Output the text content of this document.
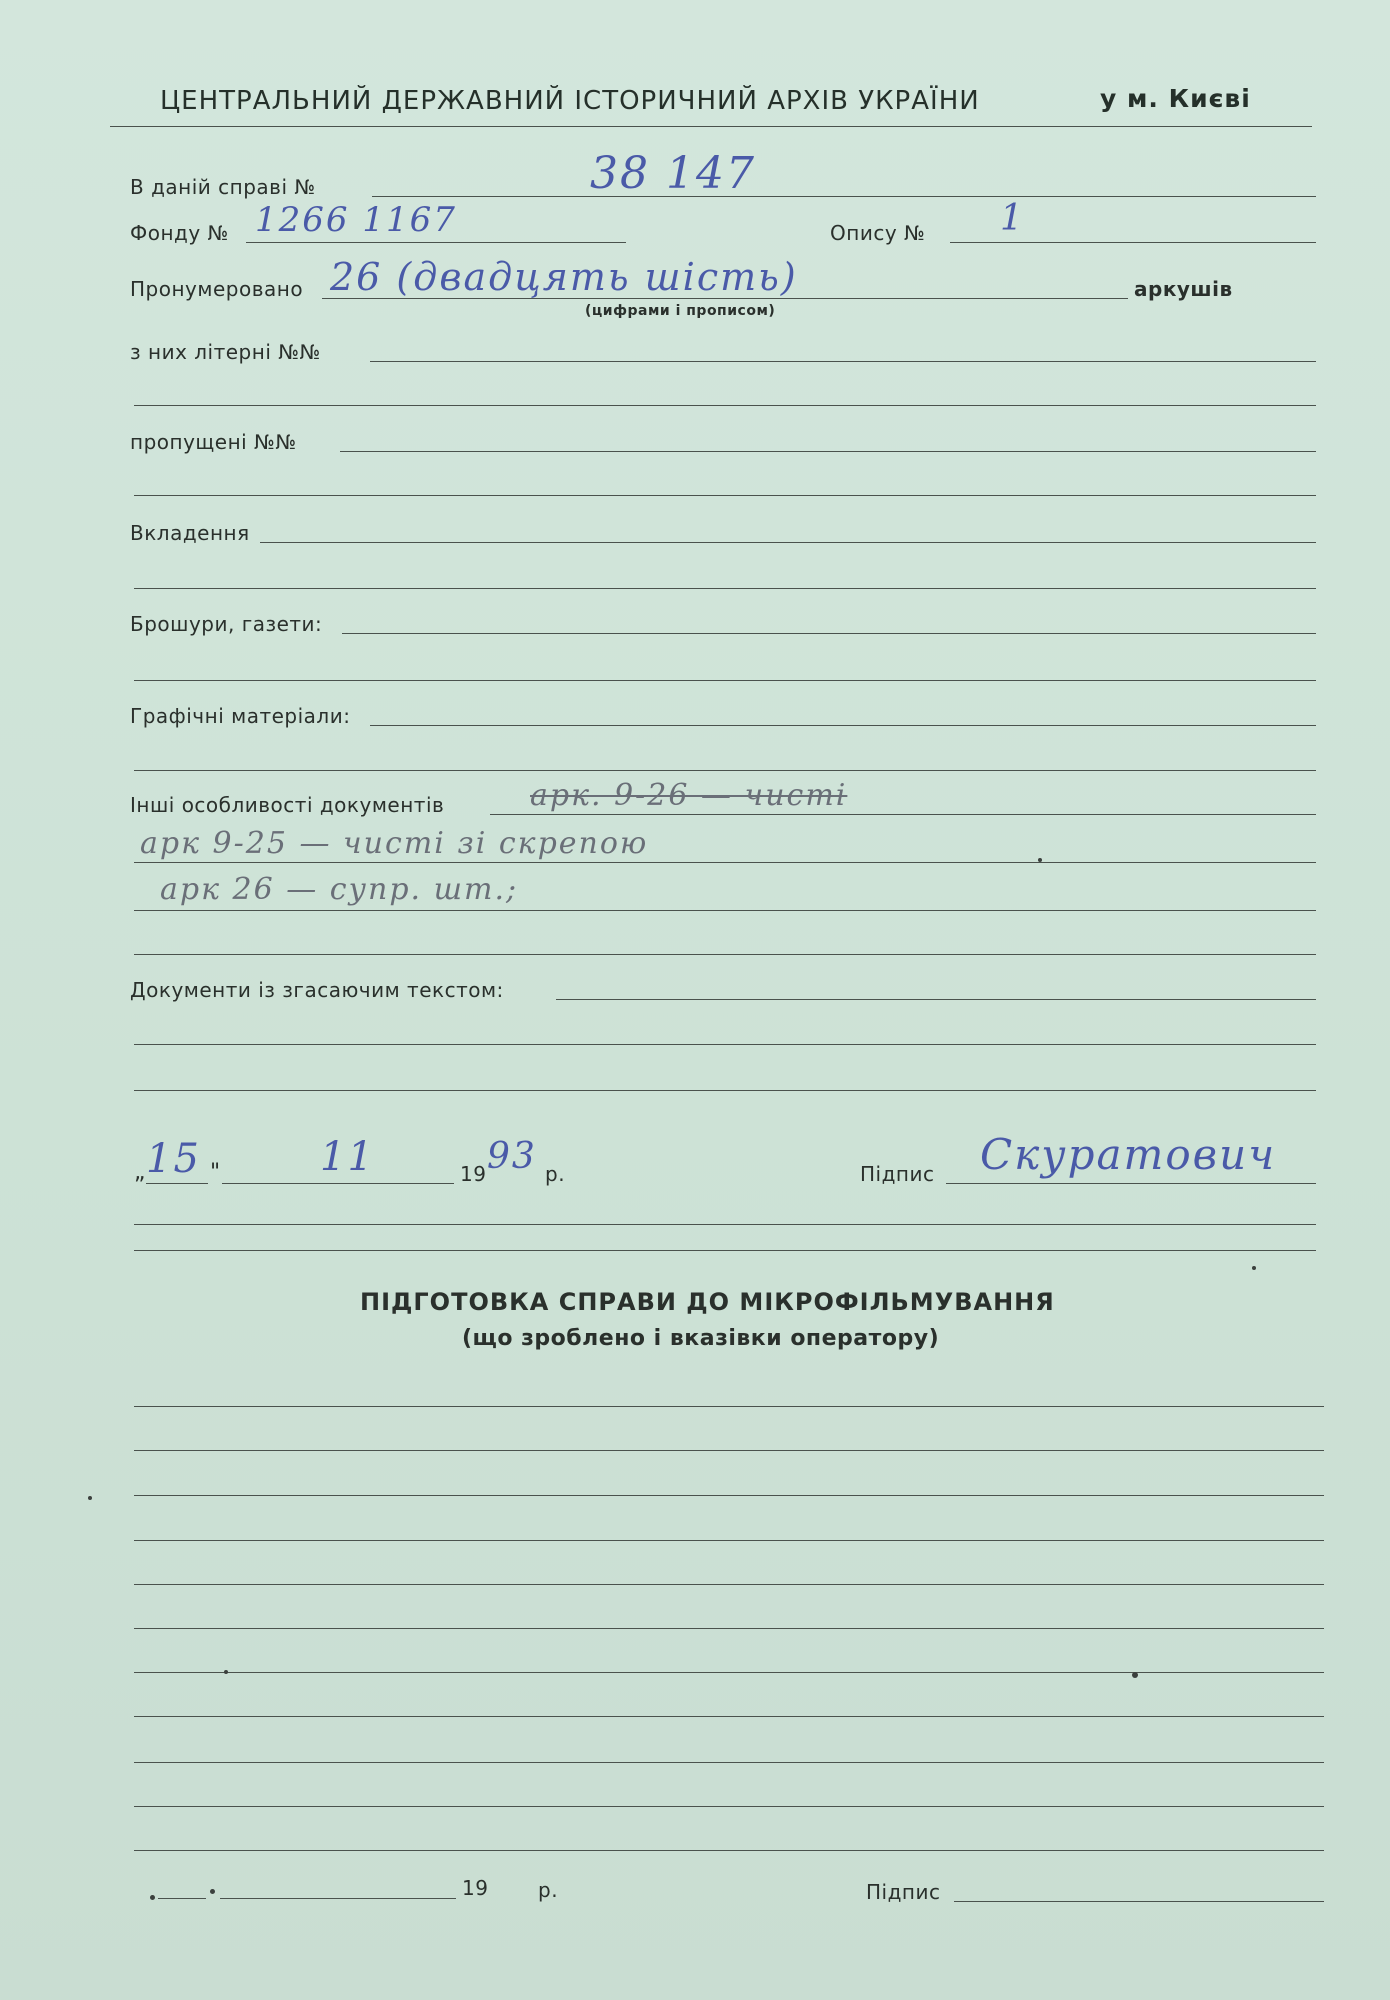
ЦЕНТРАЛЬНИЙ ДЕРЖАВНИЙ ІСТОРИЧНИЙ АРХІВ УКРАЇНИ	у м. Києві
В даній справі №	38 147
Фонду № 1266 1167	Опису № 1
Пронумеровано 26 (двадцять шість)	аркушів
(цифрами і прописом)
з них літерні №№
пропущені №№
Вкладення
Брошури, газети:
Графічні матеріали:
Інші особливості документів	арк. 9-26 — чисті
арк 9-25 — чисті зі скрепою
арк 26 — супр. шт.;
Документи із згасаючим текстом:
„ 15 " 11	19 93 р.	Підпис Скуратович
ПІДГОТОВКА СПРАВИ ДО МІКРОФІЛЬМУВАННЯ
(що зроблено і вказівки оператору)
19 р.	Підпис
